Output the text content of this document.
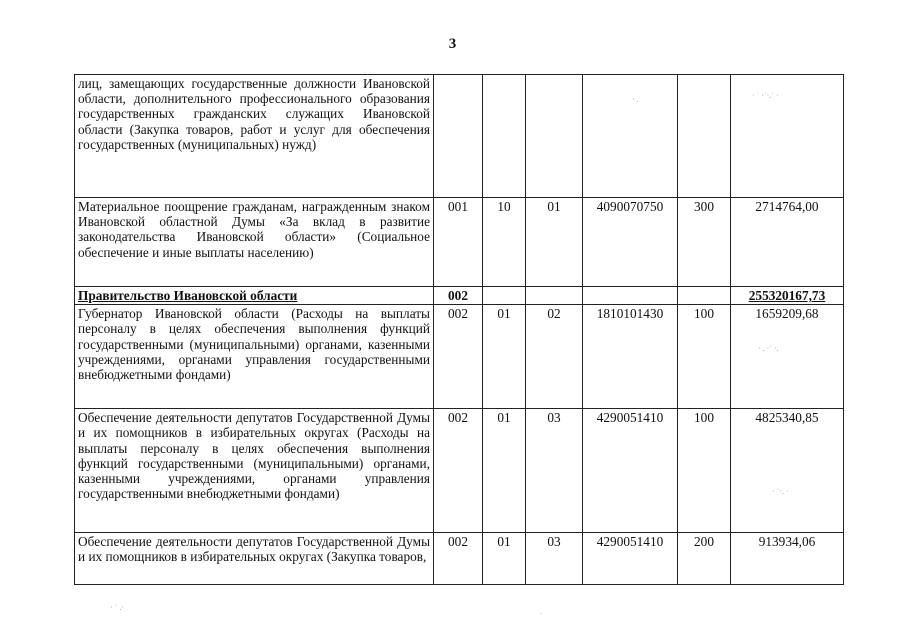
3
лиц, замещающих государственные должности Ивановской области, дополнительного профессионального образования государственных гражданских служащих Ивановской области (Закупка товаров, работ и услуг для обеспечения государственных (муниципальных) нужд)						
Материальное поощрение гражданам, награжденным знаком Ивановской областной Думы «За вклад в развитие законодательства Ивановской области» (Социальное обеспечение и иные выплаты населению)	001	10	01	4090070750	300	2714764,00
Правительство Ивановской области	002					255320167,73
Губернатор Ивановской области (Расходы на выплаты персоналу в целях обеспечения выполнения функций государственными (муниципальными) органами, казенными учреждениями, органами управления государственными внебюджетными фондами)	002	01	02	1810101430	100	1659209,68
Обеспечение деятельности депутатов Государственной Думы и их помощников в избирательных округах (Расходы на выплаты персоналу в целях обеспечения выполнения функций государственными (муниципальными) органами, казенными учреждениями, органами управления государственными внебюджетными фондами)	002	01	03	4290051410	100	4825340,85
Обеспечение деятельности депутатов Государственной Думы и их помощников в избирательных округах (Закупка товаров,	002	01	03	4290051410	200	913934,06
· ˙ ·˙·.˙ ·
· .
· . ·˙ ·.
· ˙·. ·
· ˙ .·	.
